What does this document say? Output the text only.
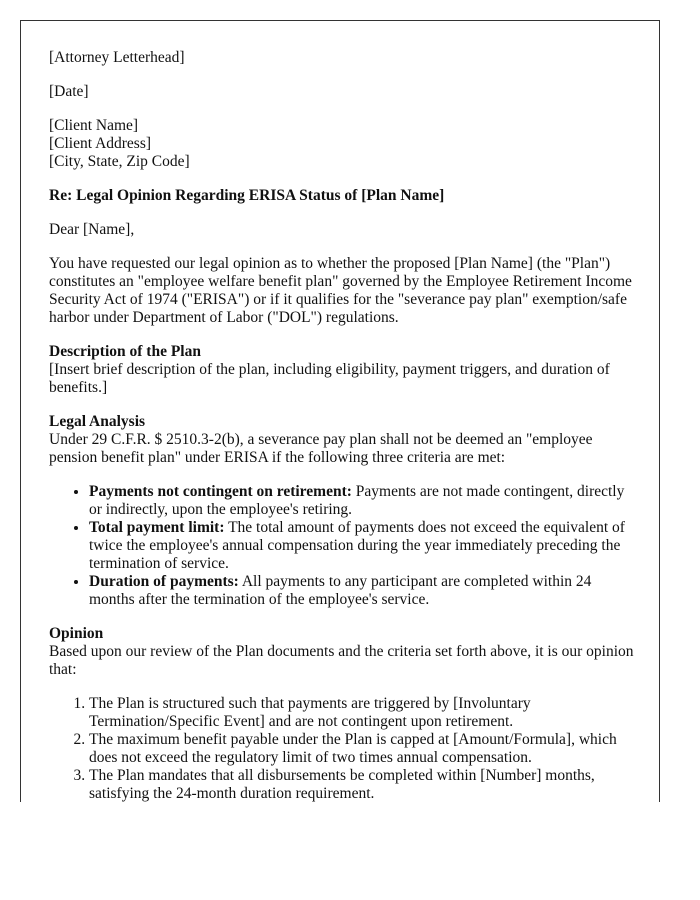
[Attorney Letterhead]

[Date]

[Client Name]
[Client Address]
[City, State, Zip Code]

Re: Legal Opinion Regarding ERISA Status of [Plan Name]

Dear [Name],

You have requested our legal opinion as to whether the proposed [Plan Name] (the "Plan") constitutes an "employee welfare benefit plan" governed by the Employee Retirement Income Security Act of 1974 ("ERISA") or if it qualifies for the "severance pay plan" exemption/safe harbor under Department of Labor ("DOL") regulations.

Description of the Plan
[Insert brief description of the plan, including eligibility, payment triggers, and duration of benefits.]
Legal Analysis

Under 29 C.F.R. $ 2510.3-2(b), a severance pay plan shall not be deemed an "employee pension benefit plan" under ERISA if the following three criteria are met:

• Payments not contingent on retirement: Payments are not made contingent, directly or indirectly, upon the employee's retiring.
• Total payment limit: The total amount of payments does not exceed the equivalent of twice the employee's annual compensation during the year immediately preceding the termination of service.
• Duration of payments: All payments to any participant are completed within 24 months after the termination of the employee's service.
Opinion

Based upon our review of the Plan documents and the criteria set forth above, it is our opinion that:

1. The Plan is structured such that payments are triggered by [Involuntary Termination/Specific Event] and are not contingent upon retirement.
2. The maximum benefit payable under the Plan is capped at [Amount/Formula], which does not exceed the regulatory limit of two times annual compensation.
3. The Plan mandates that all disbursements be completed within [Number] months, satisfying the 24-month duration requirement.
